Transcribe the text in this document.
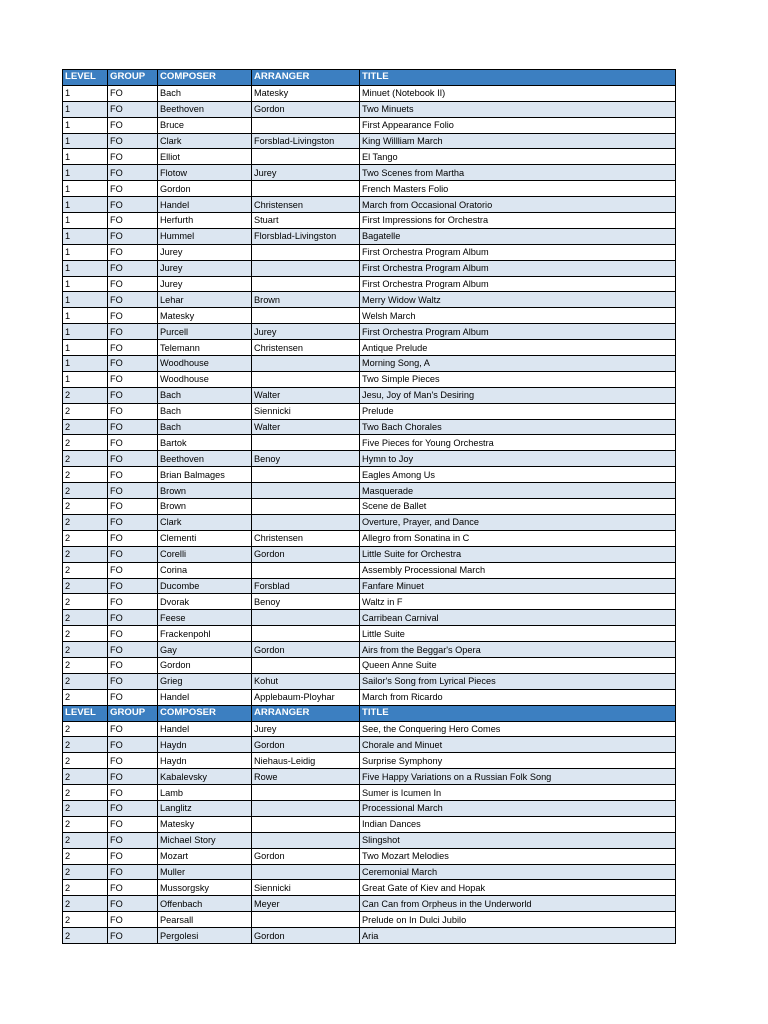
LEVEL	GROUP	COMPOSER	ARRANGER	TITLE
1	FO	Bach	Matesky	Minuet (Notebook II)
1	FO	Beethoven	Gordon	Two Minuets
1	FO	Bruce		First Appearance Folio
1	FO	Clark	Forsblad-Livingston	King Willliam March
1	FO	Elliot		El Tango
1	FO	Flotow	Jurey	Two Scenes from Martha
1	FO	Gordon		French Masters Folio
1	FO	Handel	Christensen	March from Occasional Oratorio
1	FO	Herfurth	Stuart	First Impressions for Orchestra
1	FO	Hummel	Florsblad-Livingston	Bagatelle
1	FO	Jurey		First Orchestra Program Album
1	FO	Jurey		First Orchestra Program Album
1	FO	Jurey		First Orchestra Program Album
1	FO	Lehar	Brown	Merry Widow Waltz
1	FO	Matesky		Welsh March
1	FO	Purcell	Jurey	First Orchestra Program Album
1	FO	Telemann	Christensen	Antique Prelude
1	FO	Woodhouse		Morning Song, A
1	FO	Woodhouse		Two Simple Pieces
2	FO	Bach	Walter	Jesu, Joy of Man's Desiring
2	FO	Bach	Siennicki	Prelude
2	FO	Bach	Walter	Two Bach Chorales
2	FO	Bartok		Five Pieces for Young Orchestra
2	FO	Beethoven	Benoy	Hymn to Joy
2	FO	Brian Balmages		Eagles Among Us
2	FO	Brown		Masquerade
2	FO	Brown		Scene de Ballet
2	FO	Clark		Overture, Prayer, and Dance
2	FO	Clementi	Christensen	Allegro from Sonatina in C
2	FO	Corelli	Gordon	Little Suite for Orchestra
2	FO	Corina		Assembly Processional March
2	FO	Ducombe	Forsblad	Fanfare Minuet
2	FO	Dvorak	Benoy	Waltz in F
2	FO	Feese		Carribean Carnival
2	FO	Frackenpohl		Little Suite
2	FO	Gay	Gordon	Airs from the Beggar's Opera
2	FO	Gordon		Queen Anne Suite
2	FO	Grieg	Kohut	Sailor's Song from Lyrical Pieces
2	FO	Handel	Applebaum-Ployhar	March from Ricardo
LEVEL	GROUP	COMPOSER	ARRANGER	TITLE
2	FO	Handel	Jurey	See, the Conquering Hero Comes
2	FO	Haydn	Gordon	Chorale and Minuet
2	FO	Haydn	Niehaus-Leidig	Surprise Symphony
2	FO	Kabalevsky	Rowe	Five Happy Variations on a Russian Folk Song
2	FO	Lamb		Sumer is Icumen In
2	FO	Langlitz		Processional March
2	FO	Matesky		Indian Dances
2	FO	Michael Story		Slingshot
2	FO	Mozart	Gordon	Two Mozart Melodies
2	FO	Muller		Ceremonial March
2	FO	Mussorgsky	Siennicki	Great Gate of Kiev and Hopak
2	FO	Offenbach	Meyer	Can Can from Orpheus in the Underworld
2	FO	Pearsall		Prelude on In Dulci Jubilo
2	FO	Pergolesi	Gordon	Aria
